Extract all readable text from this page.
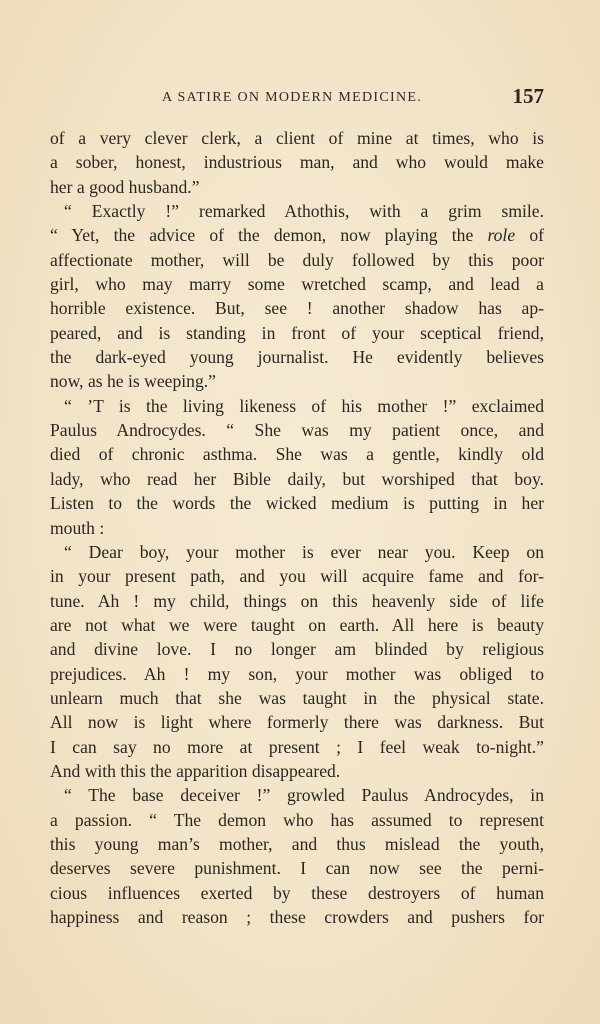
A SATIRE ON MODERN MEDICINE.	157
of a very clever clerk, a client of mine at times, who is
a sober, honest, industrious man, and who would make
her a good husband.”
“ Exactly !” remarked Athothis, with a grim smile.
“ Yet, the advice of the demon, now playing the role of
affectionate mother, will be duly followed by this poor
girl, who may marry some wretched scamp, and lead a
horrible existence. But, see ! another shadow has ap-
peared, and is standing in front of your sceptical friend,
the dark-eyed young journalist. He evidently believes
now, as he is weeping.”
“ ’T is the living likeness of his mother !” exclaimed
Paulus Androcydes. “ She was my patient once, and
died of chronic asthma. She was a gentle, kindly old
lady, who read her Bible daily, but worshiped that boy.
Listen to the words the wicked medium is putting in her
mouth :
“ Dear boy, your mother is ever near you. Keep on
in your present path, and you will acquire fame and for-
tune. Ah ! my child, things on this heavenly side of life
are not what we were taught on earth. All here is beauty
and divine love. I no longer am blinded by religious
prejudices. Ah ! my son, your mother was obliged to
unlearn much that she was taught in the physical state.
All now is light where formerly there was darkness. But
I can say no more at present ; I feel weak to-night.”
And with this the apparition disappeared.
“ The base deceiver !” growled Paulus Androcydes, in
a passion. “ The demon who has assumed to represent
this young man’s mother, and thus mislead the youth,
deserves severe punishment. I can now see the perni-
cious influences exerted by these destroyers of human
happiness and reason ; these crowders and pushers for
